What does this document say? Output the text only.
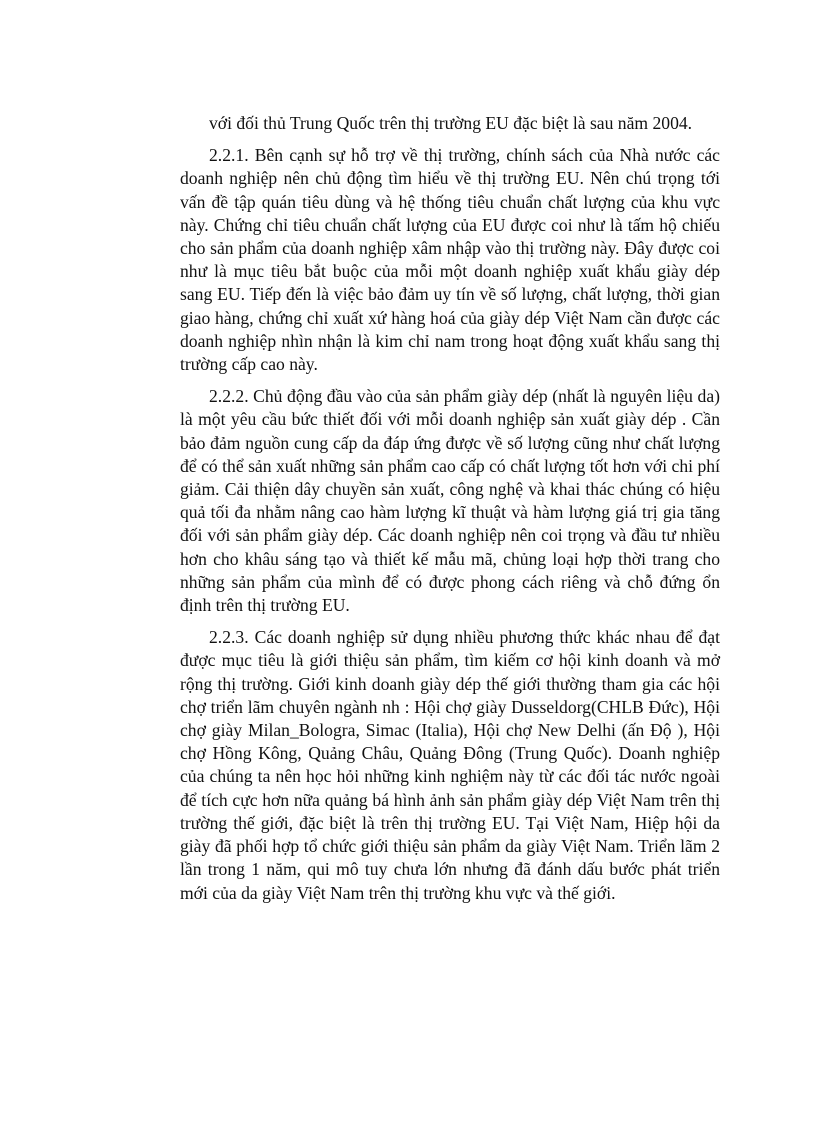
với đối thủ Trung Quốc trên thị trường EU đặc biệt là sau năm 2004.

2.2.1. Bên cạnh sự hỗ trợ về thị trường, chính sách của Nhà nước các doanh nghiệp nên chủ động tìm hiểu về thị trường EU. Nên chú trọng tới vấn đề tập quán tiêu dùng và hệ thống tiêu chuẩn chất lượng của khu vực này. Chứng chỉ tiêu chuẩn chất lượng của EU được coi như là tấm hộ chiếu cho sản phẩm của doanh nghiệp xâm nhập vào thị trường này. Đây được coi như là mục tiêu bắt buộc của mỗi một doanh nghiệp xuất khẩu giày dép sang EU. Tiếp đến là việc bảo đảm uy tín về số lượng, chất lượng, thời gian giao hàng, chứng chỉ xuất xứ hàng hoá của giày dép Việt Nam cần được các doanh nghiệp nhìn nhận là kim chỉ nam trong hoạt động xuất khẩu sang thị trường cấp cao này.

2.2.2. Chủ động đầu vào của sản phẩm giày dép (nhất là nguyên liệu da) là một yêu cầu bức thiết đối với mỗi doanh nghiệp sản xuất giày dép . Cần bảo đảm nguồn cung cấp da đáp ứng được về số lượng cũng như chất lượng để có thể sản xuất những sản phẩm cao cấp có chất lượng tốt hơn với chi phí giảm. Cải thiện dây chuyền sản xuất, công nghệ và khai thác chúng có hiệu quả tối đa nhằm nâng cao hàm lượng kĩ thuật và hàm lượng giá trị gia tăng đối với sản phẩm giày dép. Các doanh nghiệp nên coi trọng và đầu tư nhiều hơn cho khâu sáng tạo và thiết kế mẫu mã, chủng loại hợp thời trang cho những sản phẩm của mình để có được phong cách riêng và chỗ đứng ổn định trên thị trường EU.

2.2.3. Các doanh nghiệp sử dụng nhiều phương thức khác nhau để đạt được mục tiêu là giới thiệu sản phẩm, tìm kiếm cơ hội kinh doanh và mở rộng thị trường. Giới kinh doanh giày dép thế giới thường tham gia các hội chợ triển lãm chuyên ngành nh : Hội chợ giày Dusseldorg(CHLB Đức), Hội chợ giày Milan_Bologra, Simac (Italia), Hội chợ New Delhi (ấn Độ ), Hội chợ Hồng Kông, Quảng Châu, Quảng Đông (Trung Quốc). Doanh nghiệp của chúng ta nên học hỏi những kinh nghiệm này từ các đối tác nước ngoài để tích cực hơn nữa quảng bá hình ảnh sản phẩm giày dép Việt Nam trên thị trường thế giới, đặc biệt là trên thị trường EU. Tại Việt Nam, Hiệp hội da giày đã phối hợp tổ chức giới thiệu sản phẩm da giày Việt Nam. Triển lãm 2 lần trong 1 năm, qui mô tuy chưa lớn nhưng đã đánh dấu bước phát triển mới của da giày Việt Nam trên thị trường khu vực và thế giới.
